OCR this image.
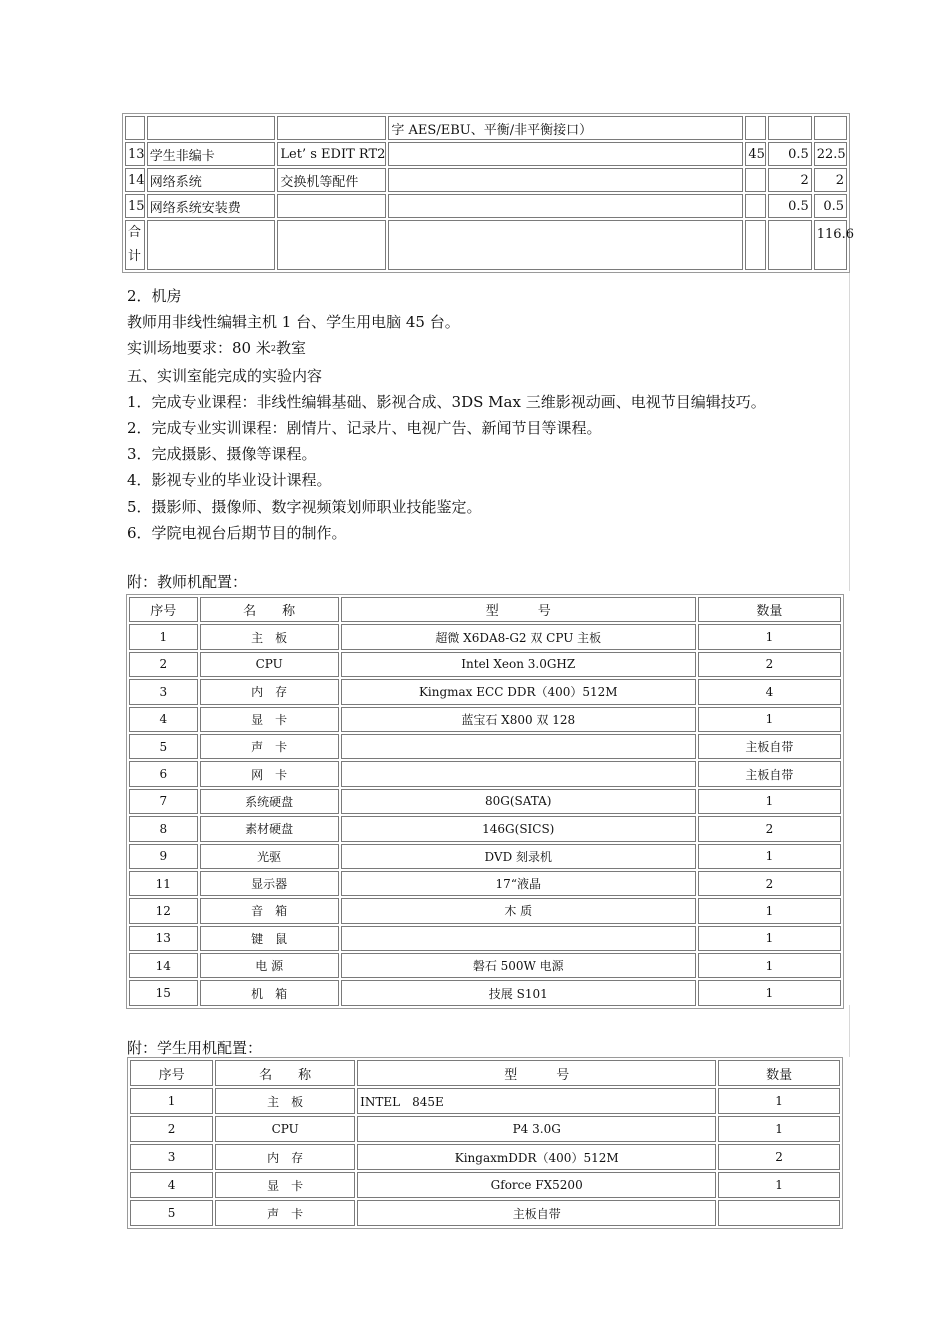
			字 AES/EBU、平衡/非平衡接口）			
13	学生非编卡	Let’ s EDIT RT2		45	0.5	22.5
14	网络系统	交换机等配件			2	2
15	网络系统安装费				0.5	0.5
合计						116.6

2．机房

教师用非线性编辑主机 1 台、学生用电脑 45 台。

实训场地要求：80 米2教室

五、实训室能完成的实验内容

1．完成专业课程：非线性编辑基础、影视合成、3DS Max 三维影视动画、电视节目编辑技巧。

2．完成专业实训课程：剧情片、记录片、电视广告、新闻节目等课程。

3．完成摄影、摄像等课程。

4．影视专业的毕业设计课程。

5．摄影师、摄像师、数字视频策划师职业技能鉴定。

6．学院电视台后期节目的制作。

附：教师机配置：
序号	名　　称	型　　　号	数量
1	主　板	超微 X6DA8-G2 双 CPU 主板	1
2	CPU	Intel Xeon 3.0GHZ	2
3	内　存	Kingmax ECC DDR（400）512M	4
4	显　卡	蓝宝石 X800 双 128	1
5	声　卡		主板自带
6	网　卡		主板自带
7	系统硬盘	80G(SATA)	1
8	素材硬盘	146G(SICS)	2
9	光驱	DVD 刻录机	1
11	显示器	17“液晶	2
12	音　箱	木 质	1
13	键　鼠		1
14	电 源	磐石 500W 电源	1
15	机　箱	技展 S101	1
附：学生用机配置：
序号	名　　称	型　　　号	数量
1	主　板	INTEL　845E	1
2	CPU	P4 3.0G	1
3	内　存	KingaxmDDR（400）512M	2
4	显　卡	Gforce FX5200	1
5	声　卡	主板自带	
